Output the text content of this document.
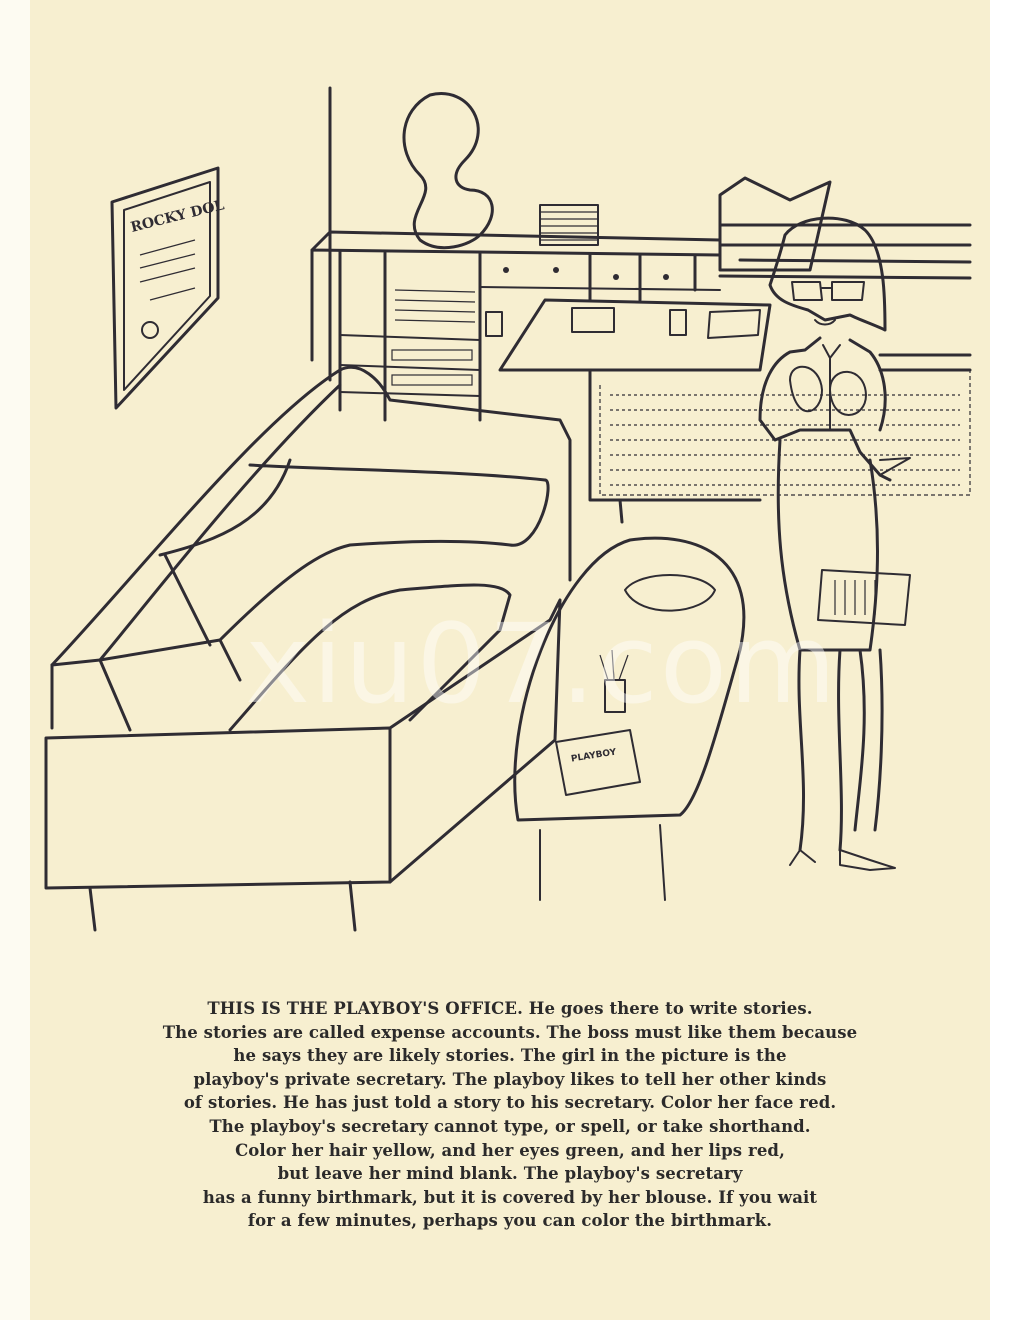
ROCKY DOL
PLAYBOY
xiu07.com
THIS IS THE PLAYBOY'S OFFICE. He goes there to write stories.
The stories are called expense accounts. The boss must like them because
he says they are likely stories. The girl in the picture is the
playboy's private secretary. The playboy likes to tell her other kinds
of stories. He has just told a story to his secretary. Color her face red.
The playboy's secretary cannot type, or spell, or take shorthand.
Color her hair yellow, and her eyes green, and her lips red,
but leave her mind blank. The playboy's secretary
has a funny birthmark, but it is covered by her blouse. If you wait
for a few minutes, perhaps you can color the birthmark.
